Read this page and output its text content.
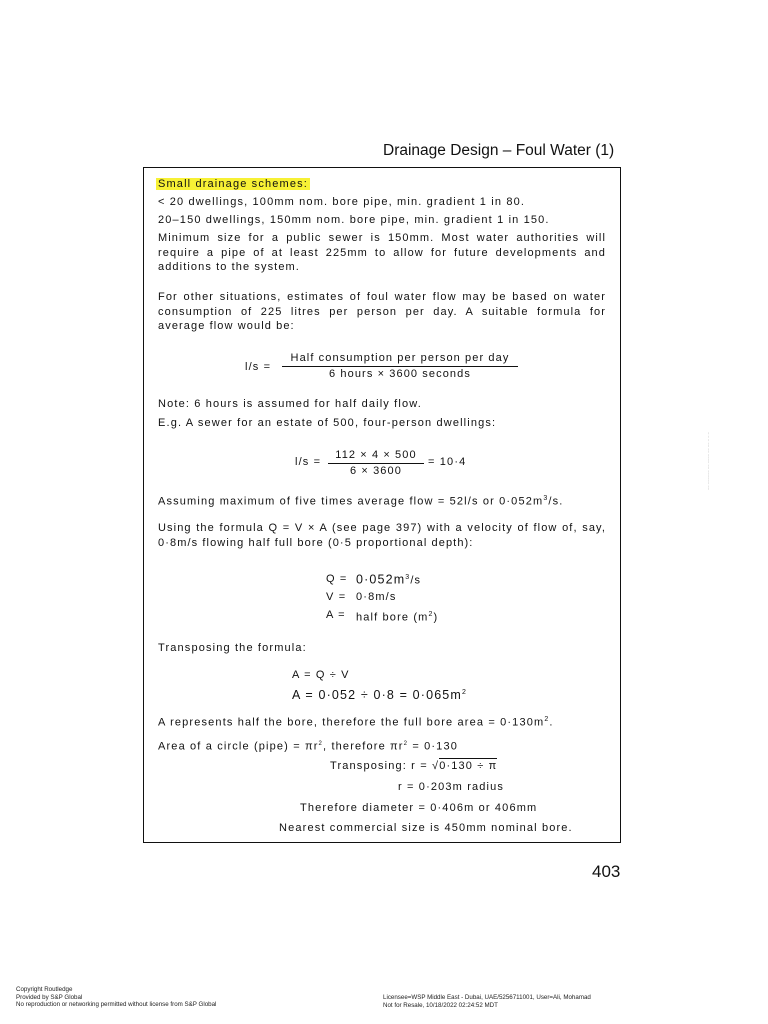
Drainage Design – Foul Water (1)
Small drainage schemes:
< 20 dwellings, 100mm nom. bore pipe, min. gradient 1 in 80.
20–150 dwellings, 150mm nom. bore pipe, min. gradient 1 in 150.
Minimum size for a public sewer is 150mm. Most water authorities will require a pipe of at least 225mm to allow for future developments and additions to the system.
For other situations, estimates of foul water flow may be based on water consumption of 225 litres per person per day. A suitable formula for average flow would be:
l/s =
Half consumption per person per day
6 hours × 3600 seconds
Note: 6 hours is assumed for half daily flow.
E.g. A sewer for an estate of 500, four-person dwellings:
$l/s = \frac{112 \times 4 \times 500}{6 \times 3600} = 10\cdot 4$
Assuming maximum of five times average flow = 52l/s or $0\cdot 052m^3/s$.
Using the formula Q = V × A (see page 397) with a velocity of flow of, say, 0·8m/s flowing half full bore (0·5 proportional depth):
$Q = 0\cdot 052m^3/s$
V = 0·8m/s
A = half bore $(m^2)$
Transposing the formula:
A = Q ÷ V
$A = 0\cdot 052 \div 0\cdot 8 = 0\cdot 065m^2$
A represents half the bore, therefore the full bore area = $0\cdot 130m^2$.
Area of a circle (pipe) = $\pi r^2$, therefore $\pi r^2 = 0\cdot 130$
Transposing: r = √0·130 ÷ π
r = 0·203m radius
Therefore diameter = 0·406m or 406mm
Nearest commercial size is 450mm nominal bore.
403
~~ ~~~~~~ ~~ ~~~~ ~~ ~~ ~ ~ ~
Copyright Routledge
Provided by S&P Global
No reproduction or networking permitted without license from S&P Global
Licensee=WSP Middle East - Dubai, UAE/5256711001, User=Ali, Mohamad
Not for Resale, 10/18/2022 02:24:52 MDT
